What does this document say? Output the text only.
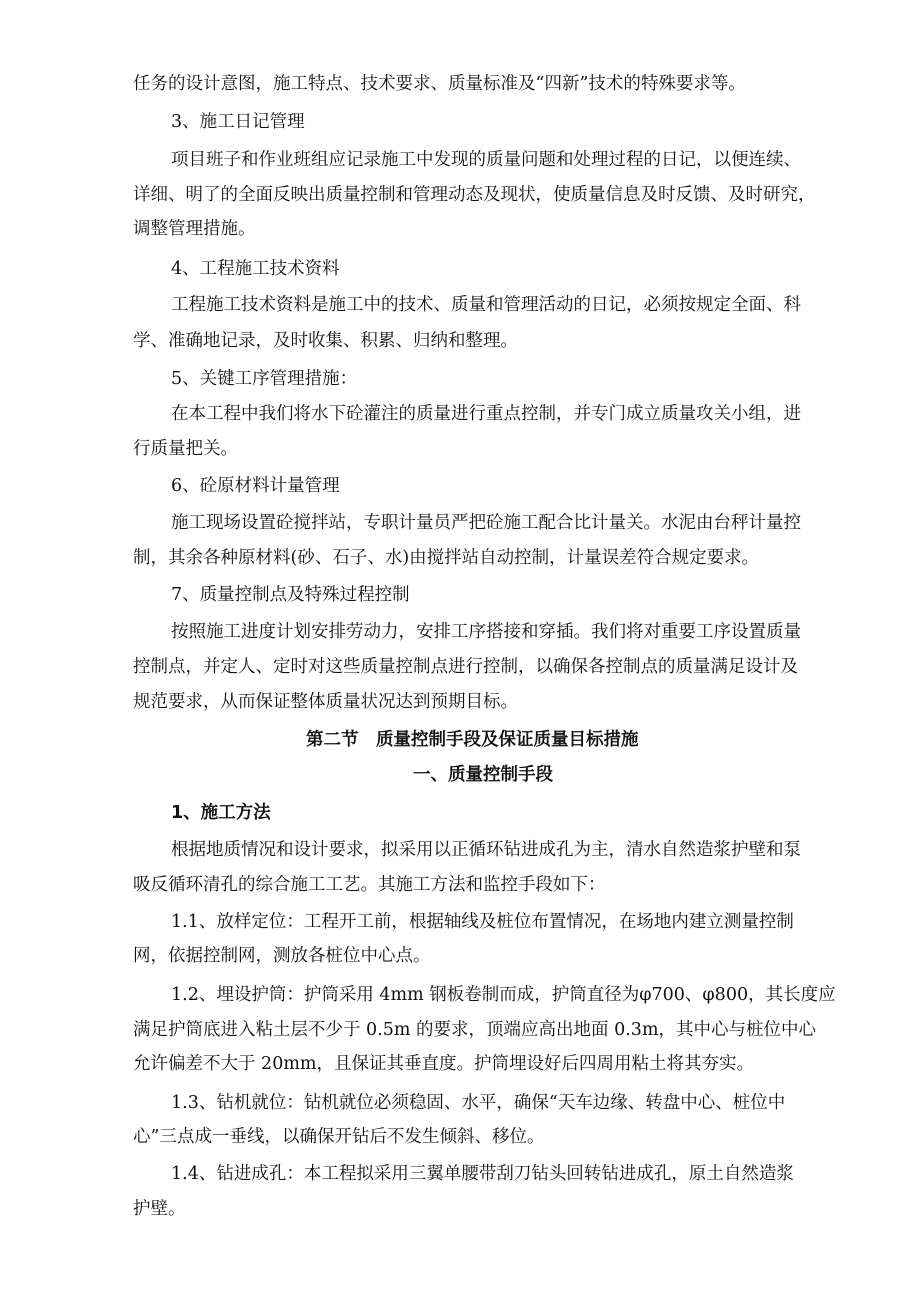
任务的设计意图，施工特点、技术要求、质量标准及“四新”技术的特殊要求等。
3、施工日记管理
项目班子和作业班组应记录施工中发现的质量问题和处理过程的日记，以便连续、
详细、明了的全面反映出质量控制和管理动态及现状，使质量信息及时反馈、及时研究，
调整管理措施。
4、工程施工技术资料
工程施工技术资料是施工中的技术、质量和管理活动的日记，必须按规定全面、科
学、准确地记录，及时收集、积累、归纳和整理。
5、关键工序管理措施：
在本工程中我们将水下砼灌注的质量进行重点控制，并专门成立质量攻关小组，进
行质量把关。
6、砼原材料计量管理
施工现场设置砼搅拌站，专职计量员严把砼施工配合比计量关。水泥由台秤计量控
制，其余各种原材料(砂、石子、水)由搅拌站自动控制，计量误差符合规定要求。
7、质量控制点及特殊过程控制
按照施工进度计划安排劳动力，安排工序搭接和穿插。我们将对重要工序设置质量
控制点，并定人、定时对这些质量控制点进行控制，以确保各控制点的质量满足设计及
规范要求，从而保证整体质量状况达到预期目标。
第二节　质量控制手段及保证质量目标措施
一、质量控制手段
1、施工方法
根据地质情况和设计要求，拟采用以正循环钻进成孔为主，清水自然造浆护壁和泵
吸反循环清孔的综合施工工艺。其施工方法和监控手段如下：
1.1、放样定位：工程开工前，根据轴线及桩位布置情况，在场地内建立测量控制
网，依据控制网，测放各桩位中心点。
1.2、埋设护筒：护筒采用 4mm 钢板卷制而成，护筒直径为φ700、φ800，其长度应
满足护筒底进入粘土层不少于 0.5m 的要求，顶端应高出地面 0.3m，其中心与桩位中心
允许偏差不大于 20mm，且保证其垂直度。护筒埋设好后四周用粘土将其夯实。
1.3、钻机就位：钻机就位必须稳固、水平，确保“天车边缘、转盘中心、桩位中
心”三点成一垂线，以确保开钻后不发生倾斜、移位。
1.4、钻进成孔：本工程拟采用三翼单腰带刮刀钻头回转钻进成孔，原土自然造浆
护壁。
